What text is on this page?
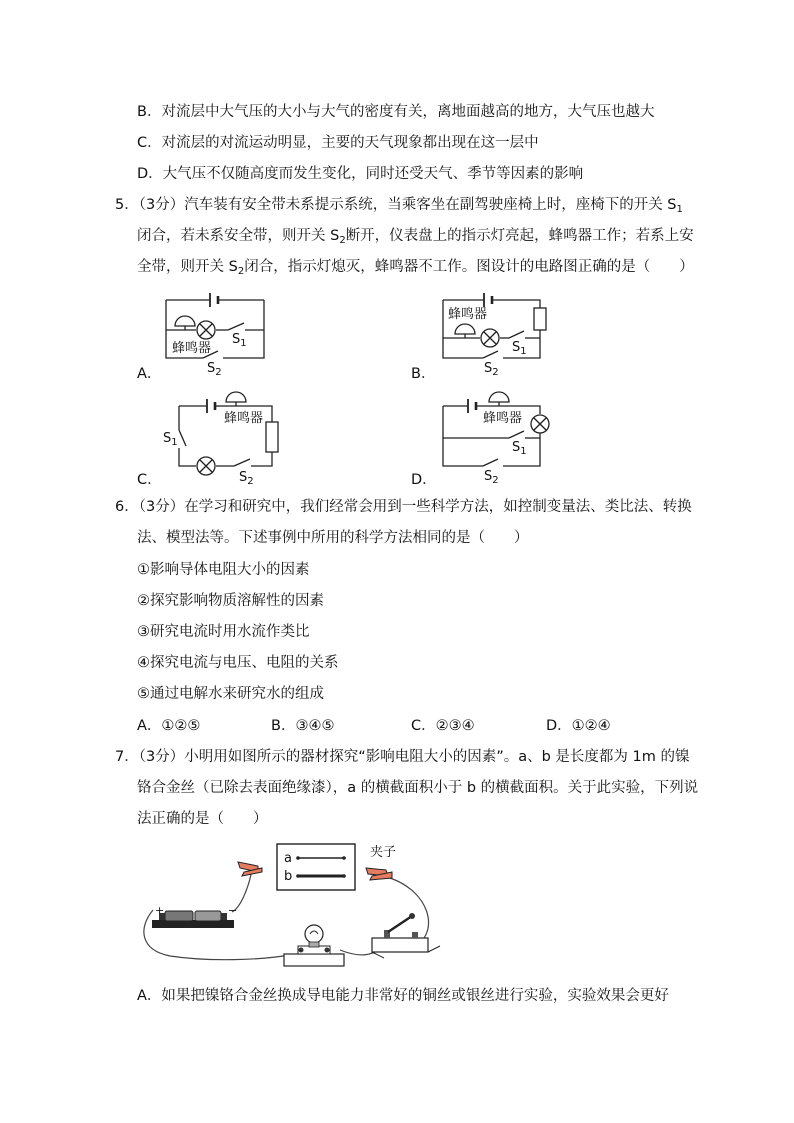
B．对流层中大气压的大小与大气的密度有关，离地面越高的地方，大气压也越大
C．对流层的对流运动明显，主要的天气现象都出现在这一层中
D．大气压不仅随高度而发生变化，同时还受天气、季节等因素的影响
5．（3分）汽车装有安全带未系提示系统，当乘客坐在副驾驶座椅上时，座椅下的开关 $S_1$
闭合，若未系安全带，则开关 $S_2$断开，仪表盘上的指示灯亮起，蜂鸣器工作；若系上安
全带，则开关 $S_2$闭合，指示灯熄灭，蜂鸣器不工作。图设计的电路图正确的是（　　）
蜂鸣器
$S_1$
$S_2$
A．
蜂鸣器
$S_1$
$S_2$
B．
蜂鸣器
$S_1$
$S_2$
C．
蜂鸣器
$S_1$
$S_2$
D．
6．（3分）在学习和研究中，我们经常会用到一些科学方法，如控制变量法、类比法、转换
法、模型法等。下述事例中所用的科学方法相同的是（　　）
①影响导体电阻大小的因素
②探究影响物质溶解性的因素
③研究电流时用水流作类比
④探究电流与电压、电阻的关系
⑤通过电解水来研究水的组成
A．①②⑤	B．③④⑤	C．②③④	D．①②④
7．（3分）小明用如图所示的器材探究“影响电阻大小的因素”。a、b 是长度都为 1m 的镍
铬合金丝（已除去表面绝缘漆），a 的横截面积小于 b 的横截面积。关于此实验，下列说
法正确的是（　　）
a
b
夹子
+	−
A．如果把镍铬合金丝换成导电能力非常好的铜丝或银丝进行实验，实验效果会更好
